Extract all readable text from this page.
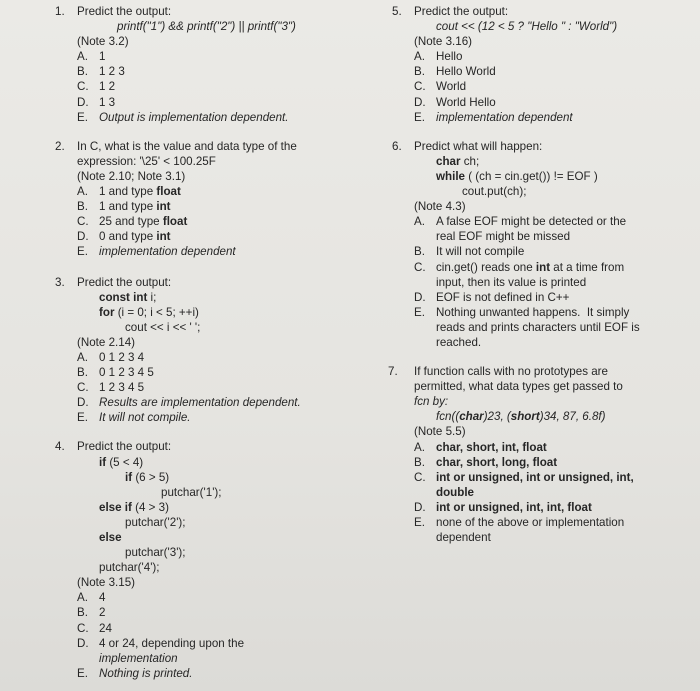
1. Predict the output:
printf("1") && printf("2") || printf("3")
(Note 3.2)
A. 1
B. 1 2 3
C. 1 2
D. 1 3
E. Output is implementation dependent.
2. In C, what is the value and data type of the
expression: '\25' < 100.25F
(Note 2.10; Note 3.1)
A. 1 and type float
B. 1 and type int
C. 25 and type float
D. 0 and type int
E. implementation dependent
3. Predict the output:
const int i;
for (i = 0; i < 5; ++i)
cout << i << ' ';
(Note 2.14)
A. 0 1 2 3 4
B. 0 1 2 3 4 5
C. 1 2 3 4 5
D. Results are implementation dependent.
E. It will not compile.
4. Predict the output:
if (5 < 4)
if (6 > 5)
putchar('1');
else if (4 > 3)
putchar('2');
else
putchar('3');
putchar('4');
(Note 3.15)
A. 4
B. 2
C. 24
D. 4 or 24, depending upon the
implementation
E. Nothing is printed.
5. Predict the output:
cout << (12 < 5 ? "Hello " : "World")
(Note 3.16)
A. Hello
B. Hello World
C. World
D. World Hello
E. implementation dependent
6. Predict what will happen:
char ch;
while ( (ch = cin.get()) != EOF )
cout.put(ch);
(Note 4.3)
A. A false EOF might be detected or the
real EOF might be missed
B. It will not compile
C. cin.get() reads one int at a time from
input, then its value is printed
D. EOF is not defined in C++
E. Nothing unwanted happens.  It simply
reads and prints characters until EOF is
reached.
7. If function calls with no prototypes are
permitted, what data types get passed to
fcn by:
fcn((char)23, (short)34, 87, 6.8f)
(Note 5.5)
A. char, short, int, float
B. char, short, long, float
C. int or unsigned, int or unsigned, int,
double
D. int or unsigned, int, int, float
E. none of the above or implementation
dependent
